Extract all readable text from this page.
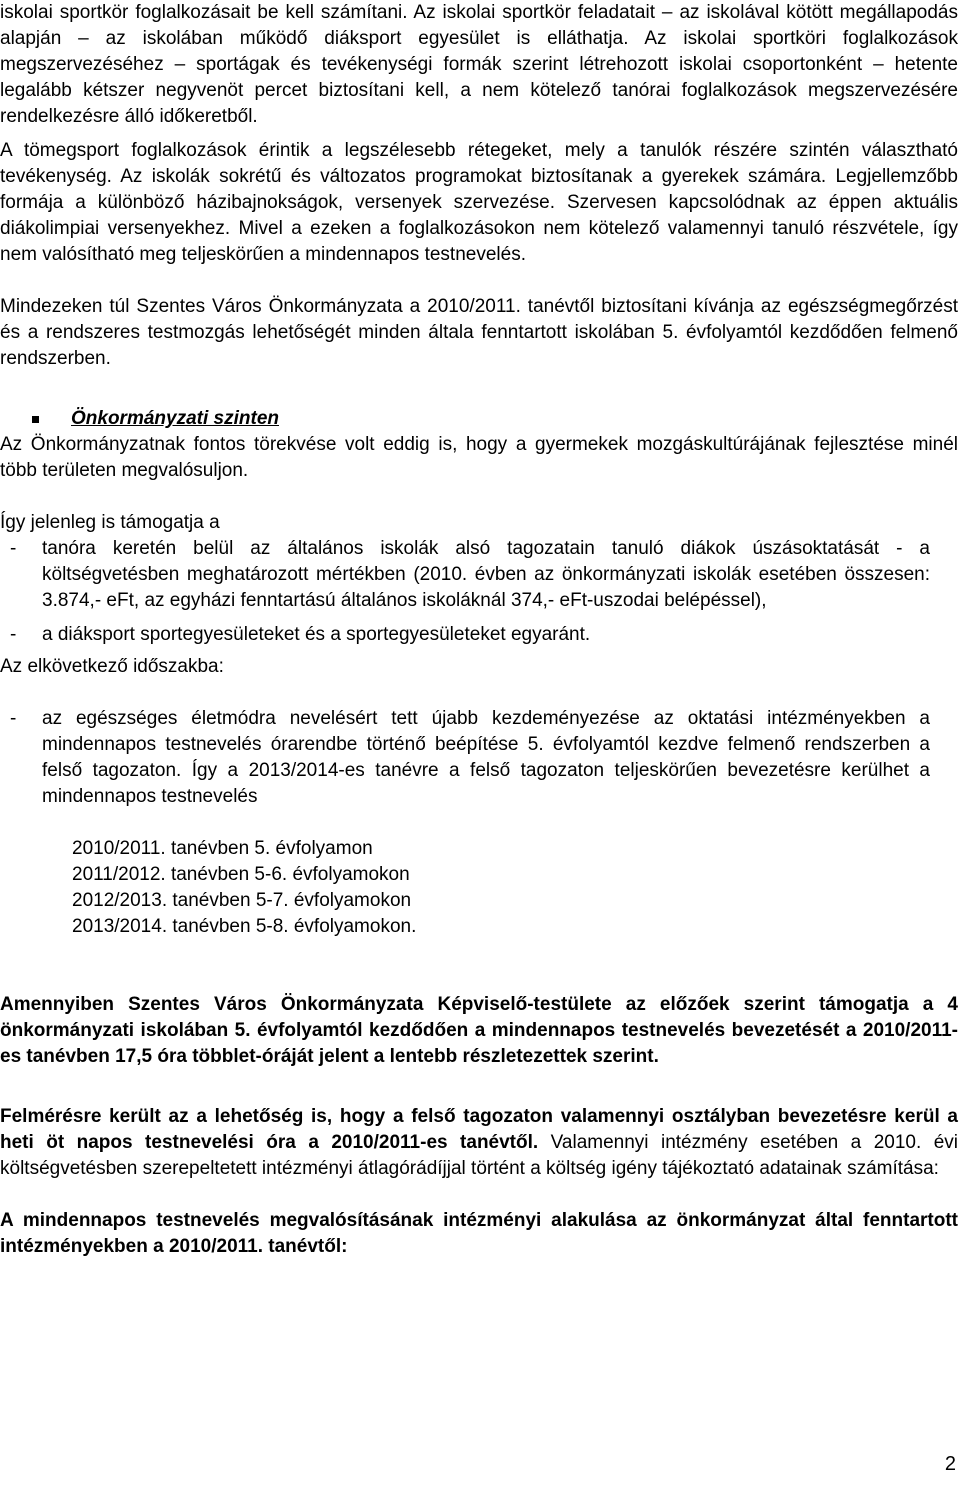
iskolai sportkör foglalkozásait be kell számítani. Az iskolai sportkör feladatait – az iskolával kötött megállapodás alapján – az iskolában működő diáksport egyesület is elláthatja. Az iskolai sportköri foglalkozások megszervezéséhez – sportágak és tevékenységi formák szerint létrehozott iskolai csoportonként – hetente legalább kétszer negyvenöt percet biztosítani kell, a nem kötelező tanórai foglalkozások megszervezésére rendelkezésre álló időkeretből.

A tömegsport foglalkozások érintik a legszélesebb rétegeket, mely a tanulók részére szintén választható tevékenység. Az iskolák sokrétű és változatos programokat biztosítanak a gyerekek számára. Legjellemzőbb formája a különböző házibajnokságok, versenyek szervezése. Szervesen kapcsolódnak az éppen aktuális diákolimpiai versenyekhez. Mivel a ezeken a foglalkozásokon nem kötelező valamennyi tanuló részvétele, így nem valósítható meg teljeskörűen a mindennapos testnevelés.

Mindezeken túl Szentes Város Önkormányzata a 2010/2011. tanévtől biztosítani kívánja az egészségmegőrzést és a rendszeres testmozgás lehetőségét minden általa fenntartott iskolában 5. évfolyamtól kezdődően felmenő rendszerben.

Önkormányzati szinten

Az Önkormányzatnak fontos törekvése volt eddig is, hogy a gyermekek mozgáskultúrájának fejlesztése minél több területen megvalósuljon.

Így jelenleg is támogatja a

-	tanóra keretén belül az általános iskolák alsó tagozatain tanuló diákok úszásoktatását - a költségvetésben meghatározott mértékben (2010. évben az önkormányzati iskolák esetében összesen: 3.874,- eFt, az egyházi fenntartású általános iskoláknál 374,- eFt-uszodai belépéssel),
-	a diáksport sportegyesületeket és a sportegyesületeket egyaránt.

Az elkövetkező időszakba:

-	az egészséges életmódra nevelésért tett újabb kezdeményezése az oktatási intézményekben a mindennapos testnevelés órarendbe történő beépítése 5. évfolyamtól kezdve felmenő rendszerben a felső tagozaton. Így a 2013/2014-es tanévre a felső tagozaton teljeskörűen bevezetésre kerülhet a mindennapos testnevelés
2010/2011. tanévben 5. évfolyamon
2011/2012. tanévben 5-6. évfolyamokon
2012/2013. tanévben 5-7. évfolyamokon
2013/2014. tanévben 5-8. évfolyamokon.

Amennyiben Szentes Város Önkormányzata Képviselő-testülete az előzőek szerint támogatja a 4 önkormányzati iskolában 5. évfolyamtól kezdődően a mindennapos testnevelés bevezetését a 2010/2011-es tanévben 17,5 óra többlet-óráját jelent a lentebb részletezettek szerint.

Felmérésre került az a lehetőség is, hogy a felső tagozaton valamennyi osztályban bevezetésre kerül a heti öt napos testnevelési óra a 2010/2011-es tanévtől. Valamennyi intézmény esetében a 2010. évi költségvetésben szerepeltetett intézményi átlagórádíjjal történt a költség igény tájékoztató adatainak számítása:

A mindennapos testnevelés megvalósításának intézményi alakulása az önkormányzat által fenntartott intézményekben a 2010/2011. tanévtől:

2
